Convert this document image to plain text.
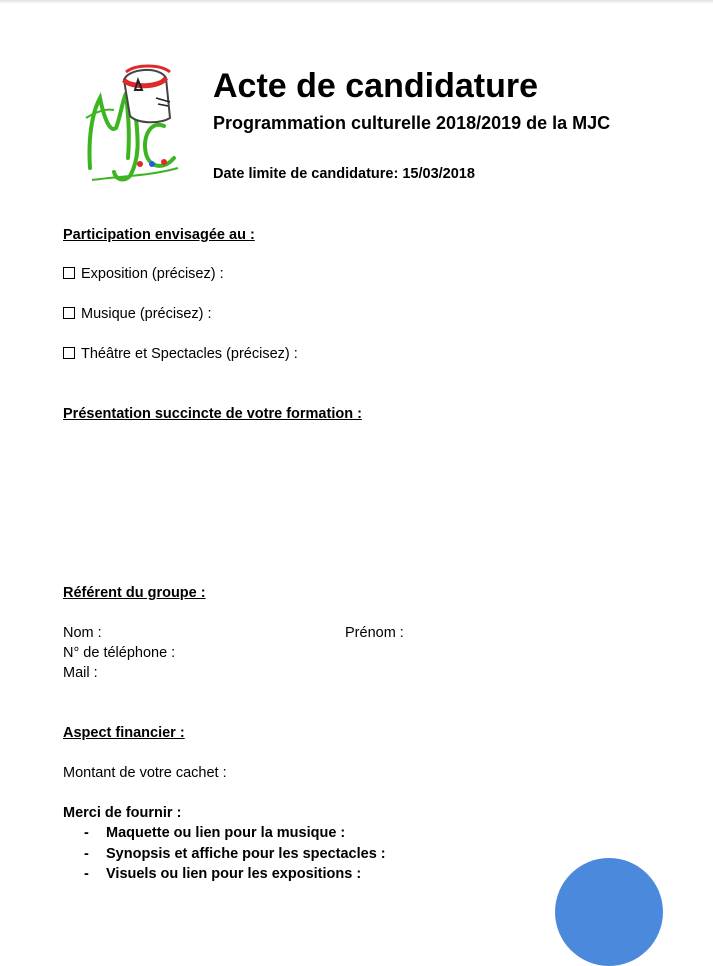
Acte de candidature
Programmation culturelle 2018/2019 de la MJC
Date limite de candidature: 15/03/2018
Participation envisagée au :
Exposition (précisez) :
Musique (précisez) :
Théâtre et Spectacles (précisez) :
Présentation succincte de votre formation :
Référent du groupe :
Nom :	Prénom :
N° de téléphone :
Mail :
Aspect financier :
Montant de votre cachet :
Merci de fournir :
- Maquette ou lien pour la musique :
- Synopsis et affiche pour les spectacles :
- Visuels ou lien pour les expositions :
